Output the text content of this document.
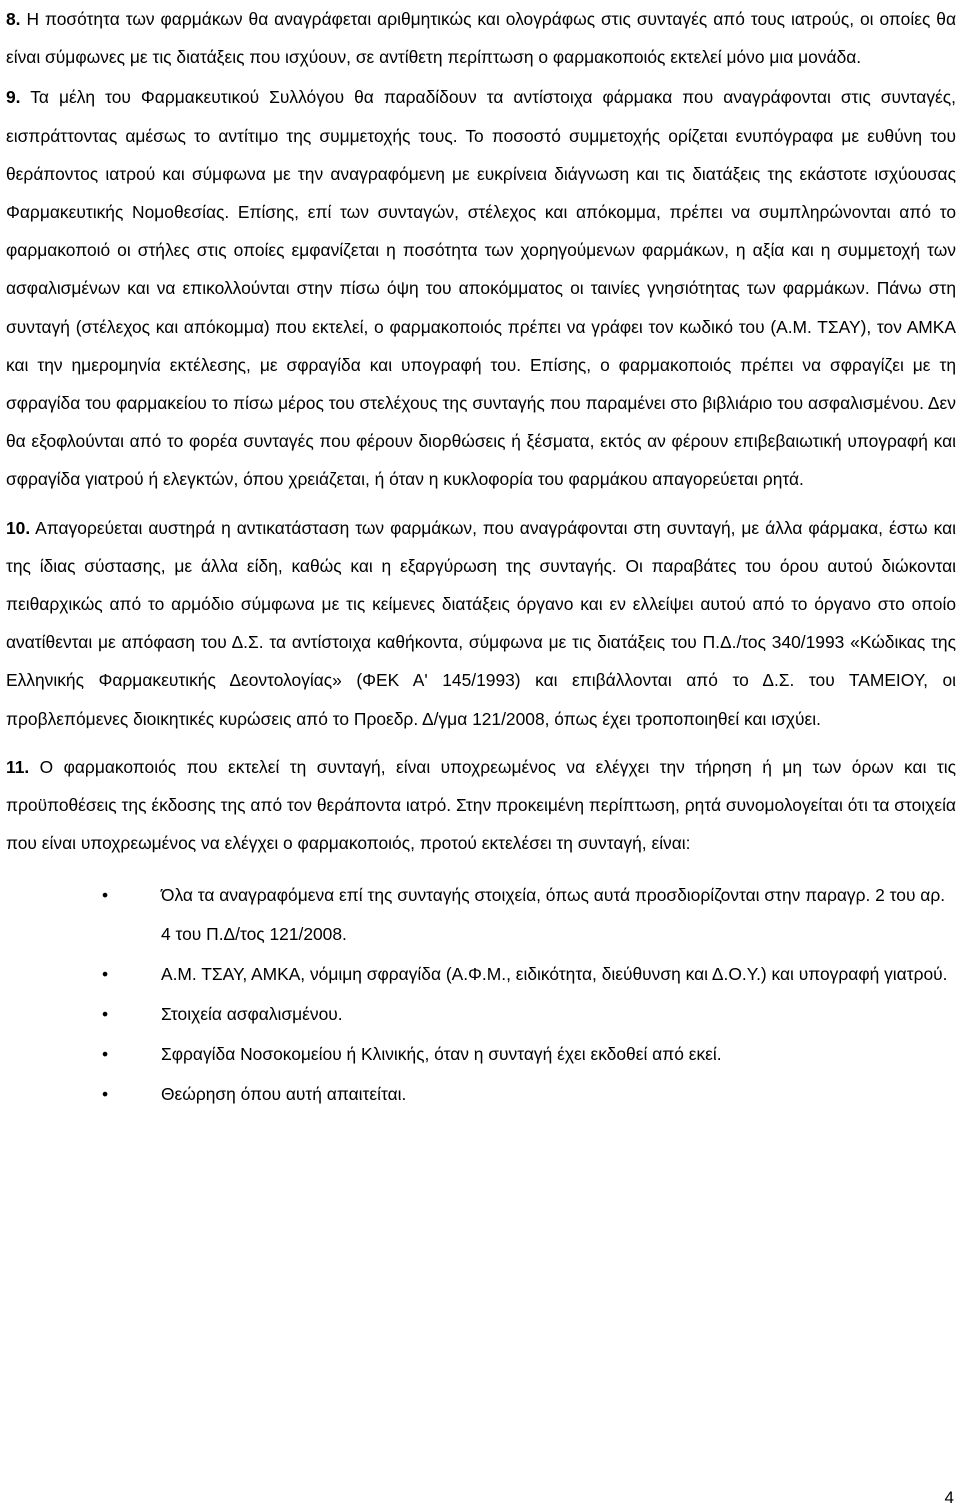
8. Η ποσότητα των φαρμάκων θα αναγράφεται αριθμητικώς και ολογράφως στις συνταγές από τους ιατρούς, οι οποίες θα είναι σύμφωνες με τις διατάξεις που ισχύουν, σε αντίθετη περίπτωση ο φαρμακοποιός εκτελεί μόνο μια μονάδα.

9. Τα μέλη του Φαρμακευτικού Συλλόγου θα παραδίδουν τα αντίστοιχα φάρμακα που αναγράφονται στις συνταγές, εισπράττοντας αμέσως το αντίτιμο της συμμετοχής τους. Το ποσοστό συμμετοχής ορίζεται ενυπόγραφα με ευθύνη του θεράποντος ιατρού και σύμφωνα με την αναγραφόμενη με ευκρίνεια διάγνωση και τις διατάξεις της εκάστοτε ισχύουσας Φαρμακευτικής Νομοθεσίας. Επίσης, επί των συνταγών, στέλεχος και απόκομμα, πρέπει να συμπληρώνονται από το φαρμακοποιό οι στήλες στις οποίες εμφανίζεται η ποσότητα των χορηγούμενων φαρμάκων, η αξία και η συμμετοχή των ασφαλισμένων και να επικολλούνται στην πίσω όψη του αποκόμματος οι ταινίες γνησιότητας των φαρμάκων. Πάνω στη συνταγή (στέλεχος και απόκομμα) που εκτελεί, ο φαρμακοποιός πρέπει να γράφει τον κωδικό του (Α.Μ. ΤΣΑΥ), τον ΑΜΚΑ και την ημερομηνία εκτέλεσης, με σφραγίδα και υπογραφή του. Επίσης, ο φαρμακοποιός πρέπει να σφραγίζει με τη σφραγίδα του φαρμακείου το πίσω μέρος του στελέχους της συνταγής που παραμένει στο βιβλιάριο του ασφαλισμένου. Δεν θα εξοφλούνται από το φορέα συνταγές που φέρουν διορθώσεις ή ξέσματα, εκτός αν φέρουν επιβεβαιωτική υπογραφή και σφραγίδα γιατρού ή ελεγκτών, όπου χρειάζεται, ή όταν η κυκλοφορία του φαρμάκου απαγορεύεται ρητά.

10. Απαγορεύεται αυστηρά η αντικατάσταση των φαρμάκων, που αναγράφονται στη συνταγή, με άλλα φάρμακα, έστω και της ίδιας σύστασης, με άλλα είδη, καθώς και η εξαργύρωση της συνταγής. Οι παραβάτες του όρου αυτού διώκονται πειθαρχικώς από το αρμόδιο σύμφωνα με τις κείμενες διατάξεις όργανο και εν ελλείψει αυτού από το όργανο στο οποίο ανατίθενται με απόφαση του Δ.Σ. τα αντίστοιχα καθήκοντα, σύμφωνα με τις διατάξεις του Π.Δ./τος 340/1993 «Κώδικας της Ελληνικής Φαρμακευτικής Δεοντολογίας» (ΦΕΚ Α' 145/1993) και επιβάλλονται από το Δ.Σ. του ΤΑΜΕΙΟΥ, οι προβλεπόμενες διοικητικές κυρώσεις από το Προεδρ. Δ/γμα 121/2008, όπως έχει τροποποιηθεί και ισχύει.

11. Ο φαρμακοποιός που εκτελεί τη συνταγή, είναι υποχρεωμένος να ελέγχει την τήρηση ή μη των όρων και τις προϋποθέσεις της έκδοσης της από τον θεράποντα ιατρό. Στην προκειμένη περίπτωση, ρητά συνομολογείται ότι τα στοιχεία που είναι υποχρεωμένος να ελέγχει ο φαρμακοποιός, προτού εκτελέσει τη συνταγή, είναι:

•	Όλα τα αναγραφόμενα επί της συνταγής στοιχεία, όπως αυτά προσδιορίζονται στην παραγρ. 2 του αρ. 4 του Π.Δ/τος 121/2008.
•	Α.Μ. ΤΣΑΥ, ΑΜΚΑ, νόμιμη σφραγίδα (Α.Φ.Μ., ειδικότητα, διεύθυνση και Δ.Ο.Υ.) και υπογραφή γιατρού.
•	Στοιχεία ασφαλισμένου.
•	Σφραγίδα Νοσοκομείου ή Κλινικής, όταν η συνταγή έχει εκδοθεί από εκεί.
•	Θεώρηση όπου αυτή απαιτείται.
4
